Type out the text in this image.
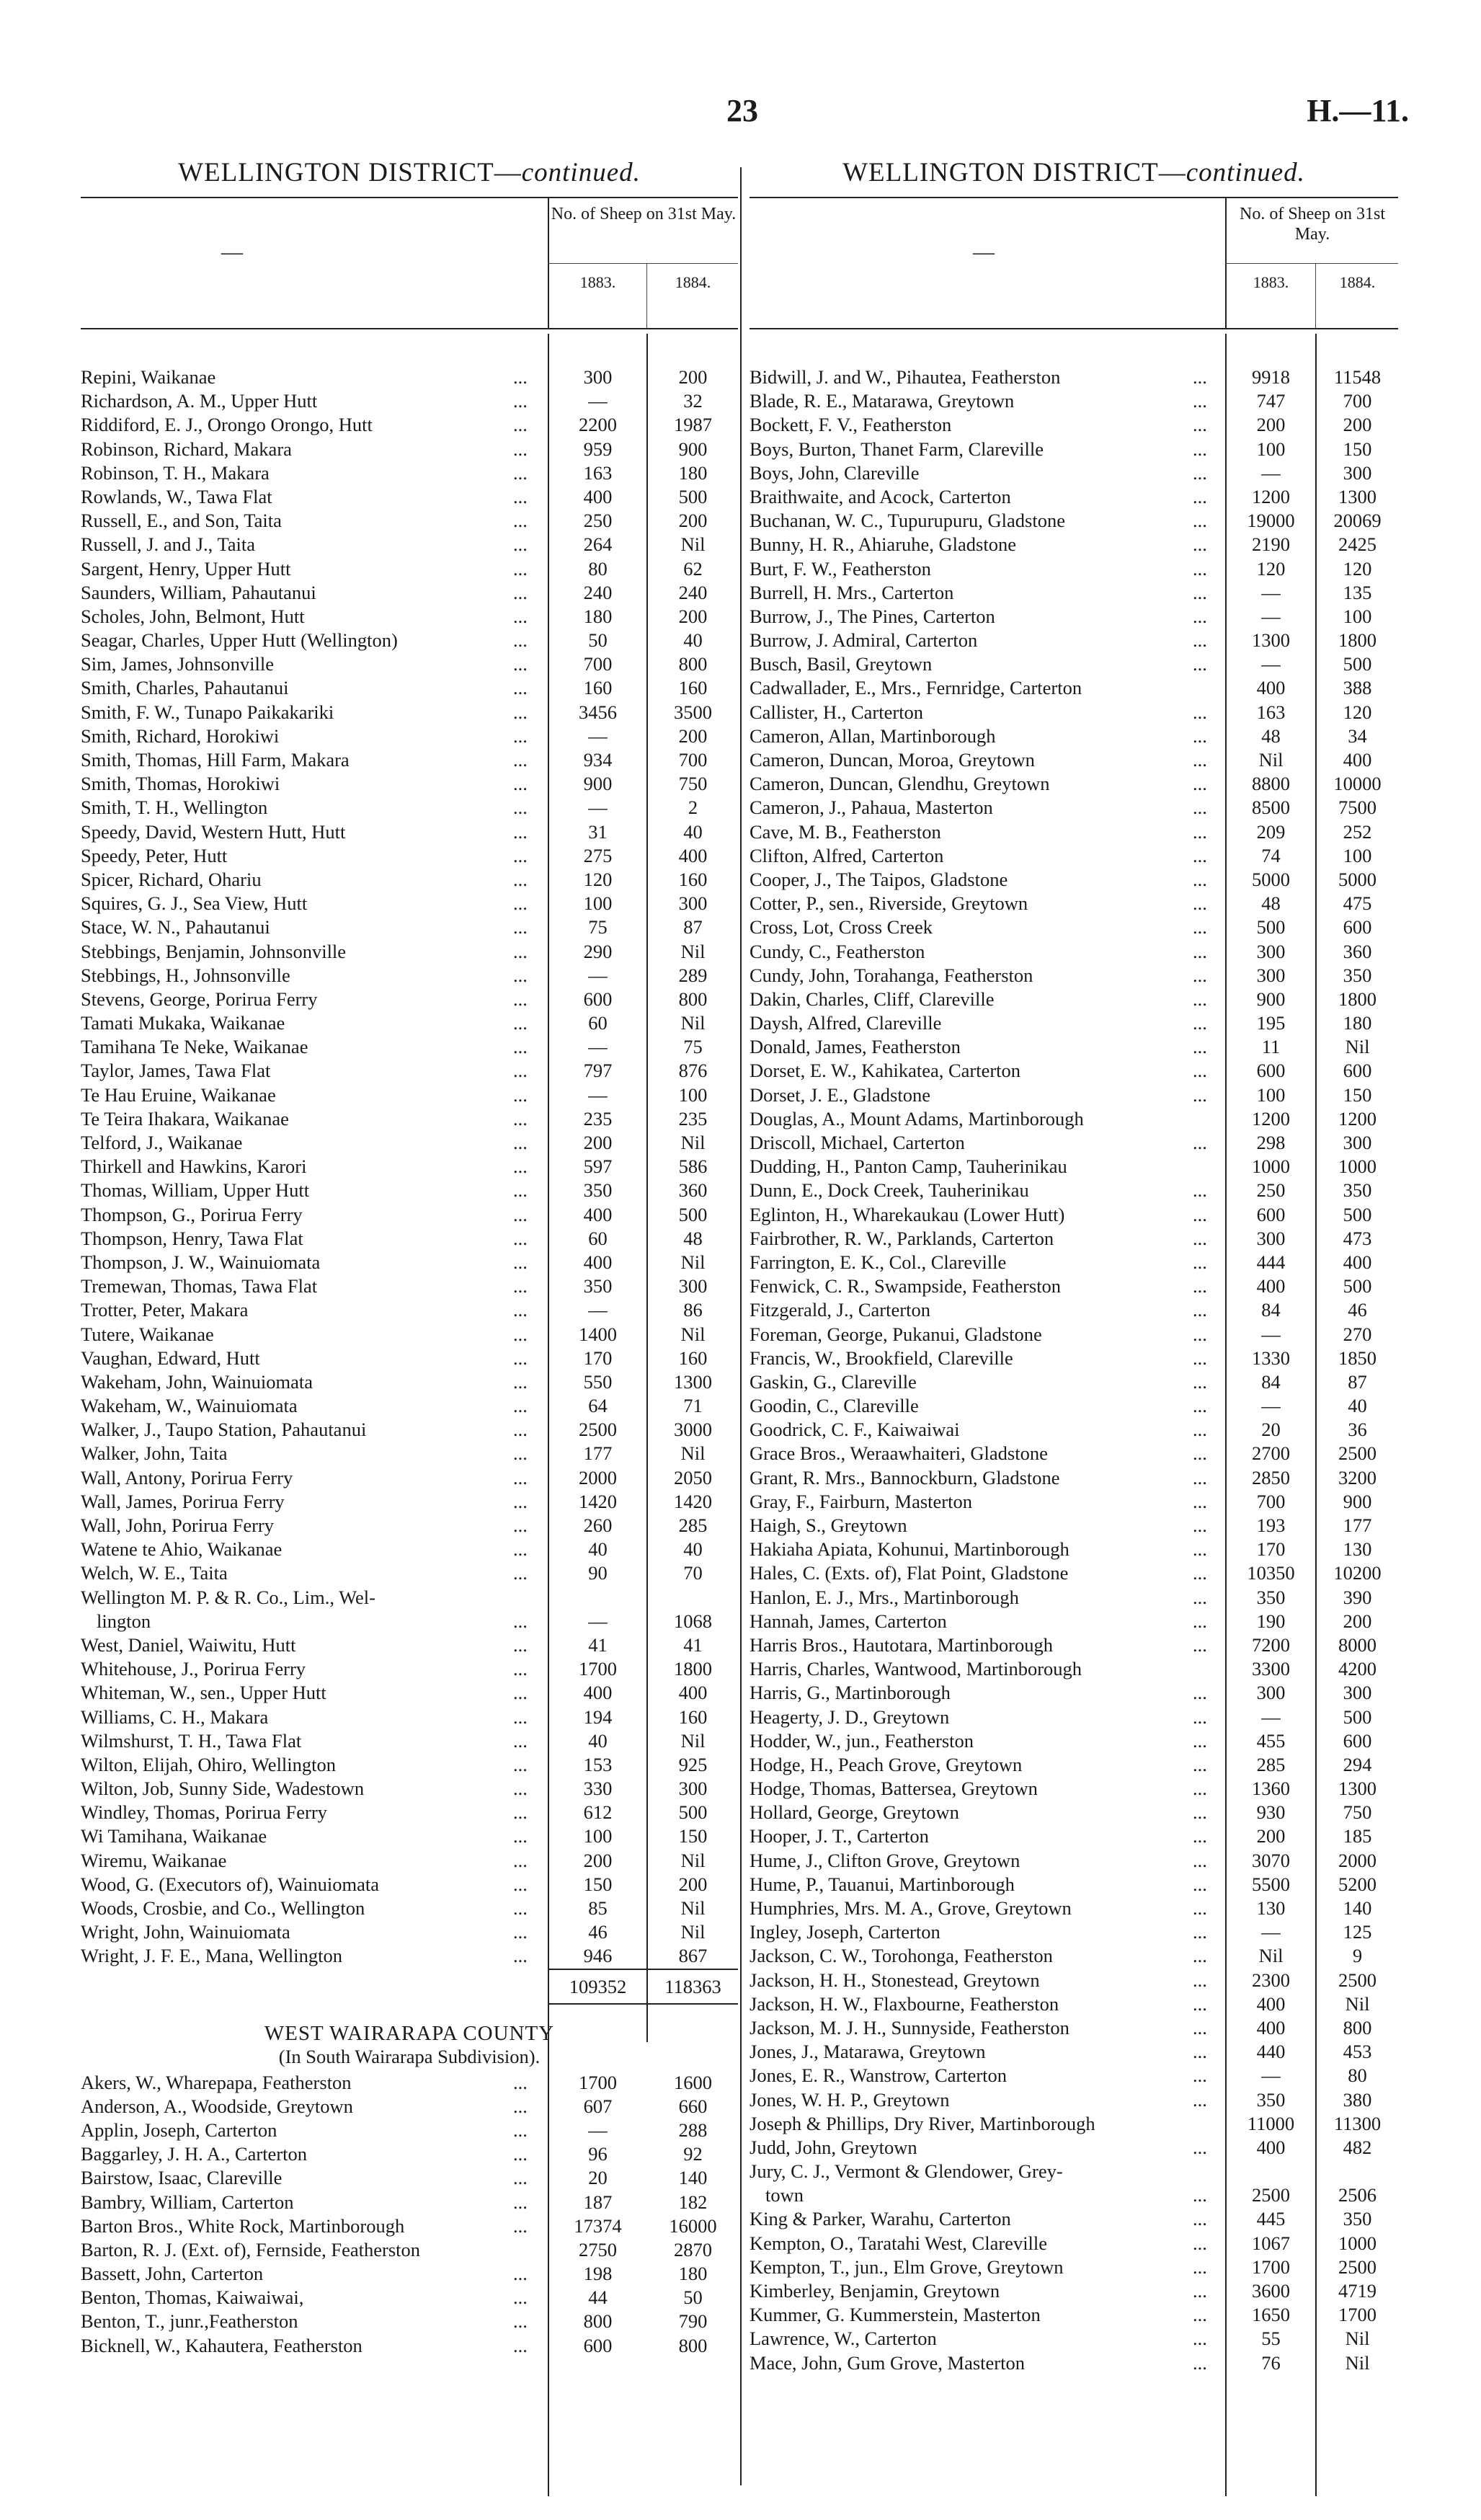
23	H.—11.
WELLINGTON DISTRICT—continued.
—
No. of Sheep on 31st May.
1883.	1884.
Repini, Waikanae	...	300	200
Richardson, A. M., Upper Hutt	...	—	32
Riddiford, E. J., Orongo Orongo, Hutt	...	2200	1987
Robinson, Richard, Makara	...	959	900
Robinson, T. H., Makara	...	163	180
Rowlands, W., Tawa Flat	...	400	500
Russell, E., and Son, Taita	...	250	200
Russell, J. and J., Taita	...	264	Nil
Sargent, Henry, Upper Hutt	...	80	62
Saunders, William, Pahautanui	...	240	240
Scholes, John, Belmont, Hutt	...	180	200
Seagar, Charles, Upper Hutt (Wellington)	...	50	40
Sim, James, Johnsonville	...	700	800
Smith, Charles, Pahautanui	...	160	160
Smith, F. W., Tunapo Paikakariki	...	3456	3500
Smith, Richard, Horokiwi	...	—	200
Smith, Thomas, Hill Farm, Makara	...	934	700
Smith, Thomas, Horokiwi	...	900	750
Smith, T. H., Wellington	...	—	2
Speedy, David, Western Hutt, Hutt	...	31	40
Speedy, Peter, Hutt	...	275	400
Spicer, Richard, Ohariu	...	120	160
Squires, G. J., Sea View, Hutt	...	100	300
Stace, W. N., Pahautanui	...	75	87
Stebbings, Benjamin, Johnsonville	...	290	Nil
Stebbings, H., Johnsonville	...	—	289
Stevens, George, Porirua Ferry	...	600	800
Tamati Mukaka, Waikanae	...	60	Nil
Tamihana Te Neke, Waikanae	...	—	75
Taylor, James, Tawa Flat	...	797	876
Te Hau Eruine, Waikanae	...	—	100
Te Teira Ihakara, Waikanae	...	235	235
Telford, J., Waikanae	...	200	Nil
Thirkell and Hawkins, Karori	...	597	586
Thomas, William, Upper Hutt	...	350	360
Thompson, G., Porirua Ferry	...	400	500
Thompson, Henry, Tawa Flat	...	60	48
Thompson, J. W., Wainuiomata	...	400	Nil
Tremewan, Thomas, Tawa Flat	...	350	300
Trotter, Peter, Makara	...	—	86
Tutere, Waikanae	...	1400	Nil
Vaughan, Edward, Hutt	...	170	160
Wakeham, John, Wainuiomata	...	550	1300
Wakeham, W., Wainuiomata	...	64	71
Walker, J., Taupo Station, Pahautanui	...	2500	3000
Walker, John, Taita	...	177	Nil
Wall, Antony, Porirua Ferry	...	2000	2050
Wall, James, Porirua Ferry	...	1420	1420
Wall, John, Porirua Ferry	...	260	285
Watene te Ahio, Waikanae	...	40	40
Welch, W. E., Taita	...	90	70
Wellington M. P. & R. Co., Lim., Wel-
lington	...	—	1068
West, Daniel, Waiwitu, Hutt	...	41	41
Whitehouse, J., Porirua Ferry	...	1700	1800
Whiteman, W., sen., Upper Hutt	...	400	400
Williams, C. H., Makara	...	194	160
Wilmshurst, T. H., Tawa Flat	...	40	Nil
Wilton, Elijah, Ohiro, Wellington	...	153	925
Wilton, Job, Sunny Side, Wadestown	...	330	300
Windley, Thomas, Porirua Ferry	...	612	500
Wi Tamihana, Waikanae	...	100	150
Wiremu, Waikanae	...	200	Nil
Wood, G. (Executors of), Wainuiomata	...	150	200
Woods, Crosbie, and Co., Wellington	...	85	Nil
Wright, John, Wainuiomata	...	46	Nil
Wright, J. F. E., Mana, Wellington	...	946	867
109352	118363
WEST WAIRARAPA COUNTY
(In South Wairarapa Subdivision).
Akers, W., Wharepapa, Featherston	...	1700	1600
Anderson, A., Woodside, Greytown	...	607	660
Applin, Joseph, Carterton	...	—	288
Baggarley, J. H. A., Carterton	...	96	92
Bairstow, Isaac, Clareville	...	20	140
Bambry, William, Carterton	...	187	182
Barton Bros., White Rock, Martinborough	...	17374	16000
Barton, R. J. (Ext. of), Fernside, Featherston	2750	2870
Bassett, John, Carterton	...	198	180
Benton, Thomas, Kaiwaiwai,	...	44	50
Benton, T., junr.,Featherston	...	800	790
Bicknell, W., Kahautera, Featherston	...	600	800
WELLINGTON DISTRICT—continued.
—
No. of Sheep on 31st May.
1883.	1884.
Bidwill, J. and W., Pihautea, Featherston	...	9918	11548
Blade, R. E., Matarawa, Greytown	...	747	700
Bockett, F. V., Featherston	...	200	200
Boys, Burton, Thanet Farm, Clareville	...	100	150
Boys, John, Clareville	...	—	300
Braithwaite, and Acock, Carterton	...	1200	1300
Buchanan, W. C., Tupurupuru, Gladstone	...	19000	20069
Bunny, H. R., Ahiaruhe, Gladstone	...	2190	2425
Burt, F. W., Featherston	...	120	120
Burrell, H. Mrs., Carterton	...	—	135
Burrow, J., The Pines, Carterton	...	—	100
Burrow, J. Admiral, Carterton	...	1300	1800
Busch, Basil, Greytown	...	—	500
Cadwallader, E., Mrs., Fernridge, Carterton	400	388
Callister, H., Carterton	...	163	120
Cameron, Allan, Martinborough	...	48	34
Cameron, Duncan, Moroa, Greytown	...	Nil	400
Cameron, Duncan, Glendhu, Greytown	...	8800	10000
Cameron, J., Pahaua, Masterton	...	8500	7500
Cave, M. B., Featherston	...	209	252
Clifton, Alfred, Carterton	...	74	100
Cooper, J., The Taipos, Gladstone	...	5000	5000
Cotter, P., sen., Riverside, Greytown	...	48	475
Cross, Lot, Cross Creek	...	500	600
Cundy, C., Featherston	...	300	360
Cundy, John, Torahanga, Featherston	...	300	350
Dakin, Charles, Cliff, Clareville	...	900	1800
Daysh, Alfred, Clareville	...	195	180
Donald, James, Featherston	...	11	Nil
Dorset, E. W., Kahikatea, Carterton	...	600	600
Dorset, J. E., Gladstone	...	100	150
Douglas, A., Mount Adams, Martinborough	1200	1200
Driscoll, Michael, Carterton	...	298	300
Dudding, H., Panton Camp, Tauherinikau	1000	1000
Dunn, E., Dock Creek, Tauherinikau	...	250	350
Eglinton, H., Wharekaukau (Lower Hutt)	...	600	500
Fairbrother, R. W., Parklands, Carterton	...	300	473
Farrington, E. K., Col., Clareville	...	444	400
Fenwick, C. R., Swampside, Featherston	...	400	500
Fitzgerald, J., Carterton	...	84	46
Foreman, George, Pukanui, Gladstone	...	—	270
Francis, W., Brookfield, Clareville	...	1330	1850
Gaskin, G., Clareville	...	84	87
Goodin, C., Clareville	...	—	40
Goodrick, C. F., Kaiwaiwai	...	20	36
Grace Bros., Weraawhaiteri, Gladstone	...	2700	2500
Grant, R. Mrs., Bannockburn, Gladstone	...	2850	3200
Gray, F., Fairburn, Masterton	...	700	900
Haigh, S., Greytown	...	193	177
Hakiaha Apiata, Kohunui, Martinborough	...	170	130
Hales, C. (Exts. of), Flat Point, Gladstone	...	10350	10200
Hanlon, E. J., Mrs., Martinborough	...	350	390
Hannah, James, Carterton	...	190	200
Harris Bros., Hautotara, Martinborough	...	7200	8000
Harris, Charles, Wantwood, Martinborough	3300	4200
Harris, G., Martinborough	...	300	300
Heagerty, J. D., Greytown	...	—	500
Hodder, W., jun., Featherston	...	455	600
Hodge, H., Peach Grove, Greytown	...	285	294
Hodge, Thomas, Battersea, Greytown	...	1360	1300
Hollard, George, Greytown	...	930	750
Hooper, J. T., Carterton	...	200	185
Hume, J., Clifton Grove, Greytown	...	3070	2000
Hume, P., Tauanui, Martinborough	...	5500	5200
Humphries, Mrs. M. A., Grove, Greytown	...	130	140
Ingley, Joseph, Carterton	...	—	125
Jackson, C. W., Torohonga, Featherston	...	Nil	9
Jackson, H. H., Stonestead, Greytown	...	2300	2500
Jackson, H. W., Flaxbourne, Featherston	...	400	Nil
Jackson, M. J. H., Sunnyside, Featherston	...	400	800
Jones, J., Matarawa, Greytown	...	440	453
Jones, E. R., Wanstrow, Carterton	...	—	80
Jones, W. H. P., Greytown	...	350	380
Joseph & Phillips, Dry River, Martinborough	11000	11300
Judd, John, Greytown	...	400	482
Jury, C. J., Vermont & Glendower, Grey-
town	...	2500	2506
King & Parker, Warahu, Carterton	...	445	350
Kempton, O., Taratahi West, Clareville	...	1067	1000
Kempton, T., jun., Elm Grove, Greytown	...	1700	2500
Kimberley, Benjamin, Greytown	...	3600	4719
Kummer, G. Kummerstein, Masterton	...	1650	1700
Lawrence, W., Carterton	...	55	Nil
Mace, John, Gum Grove, Masterton	...	76	Nil
